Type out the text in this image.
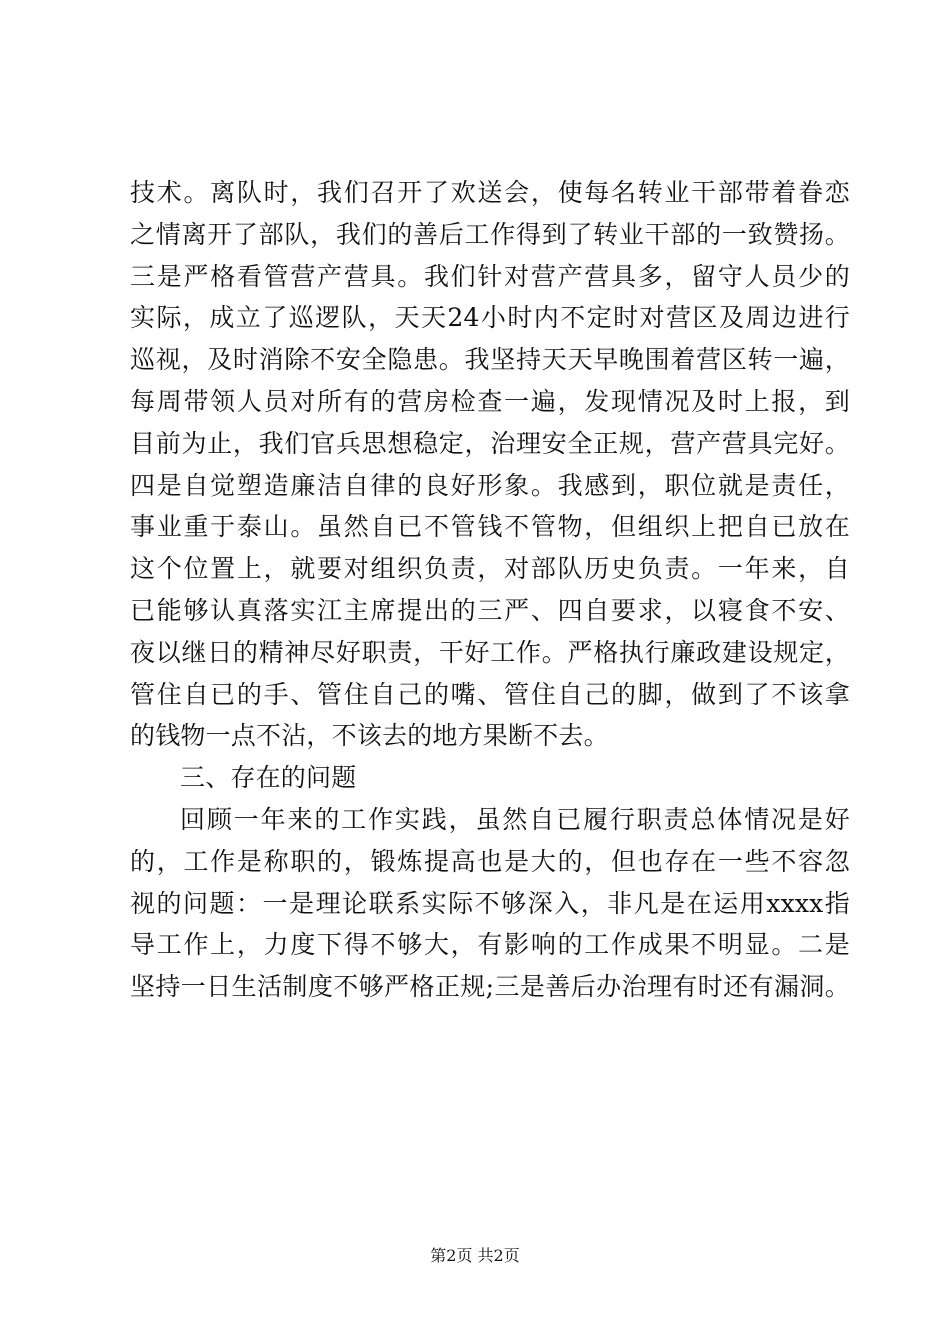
技术。离队时，我们召开了欢送会，使每名转业干部带着眷恋
之情离开了部队，我们的善后工作得到了转业干部的一致赞扬。
三是严格看管营产营具。我们针对营产营具多，留守人员少的
实际，成立了巡逻队，天天24小时内不定时对营区及周边进行
巡视，及时消除不安全隐患。我坚持天天早晚围着营区转一遍，
每周带领人员对所有的营房检查一遍，发现情况及时上报，到
目前为止，我们官兵思想稳定，治理安全正规，营产营具完好。
四是自觉塑造廉洁自律的良好形象。我感到，职位就是责任，
事业重于泰山。虽然自已不管钱不管物，但组织上把自已放在
这个位置上，就要对组织负责，对部队历史负责。一年来，自
已能够认真落实江主席提出的三严、四自要求，以寝食不安、
夜以继日的精神尽好职责，干好工作。严格执行廉政建设规定，
管住自已的手、管住自己的嘴、管住自己的脚，做到了不该拿
的钱物一点不沾，不该去的地方果断不去。
三、存在的问题
回顾一年来的工作实践，虽然自已履行职责总体情况是好
的，工作是称职的，锻炼提高也是大的，但也存在一些不容忽
视的问题：一是理论联系实际不够深入，非凡是在运用xxxx指
导工作上，力度下得不够大，有影响的工作成果不明显。二是
坚持一日生活制度不够严格正规;三是善后办治理有时还有漏洞。
第2页 共2页
